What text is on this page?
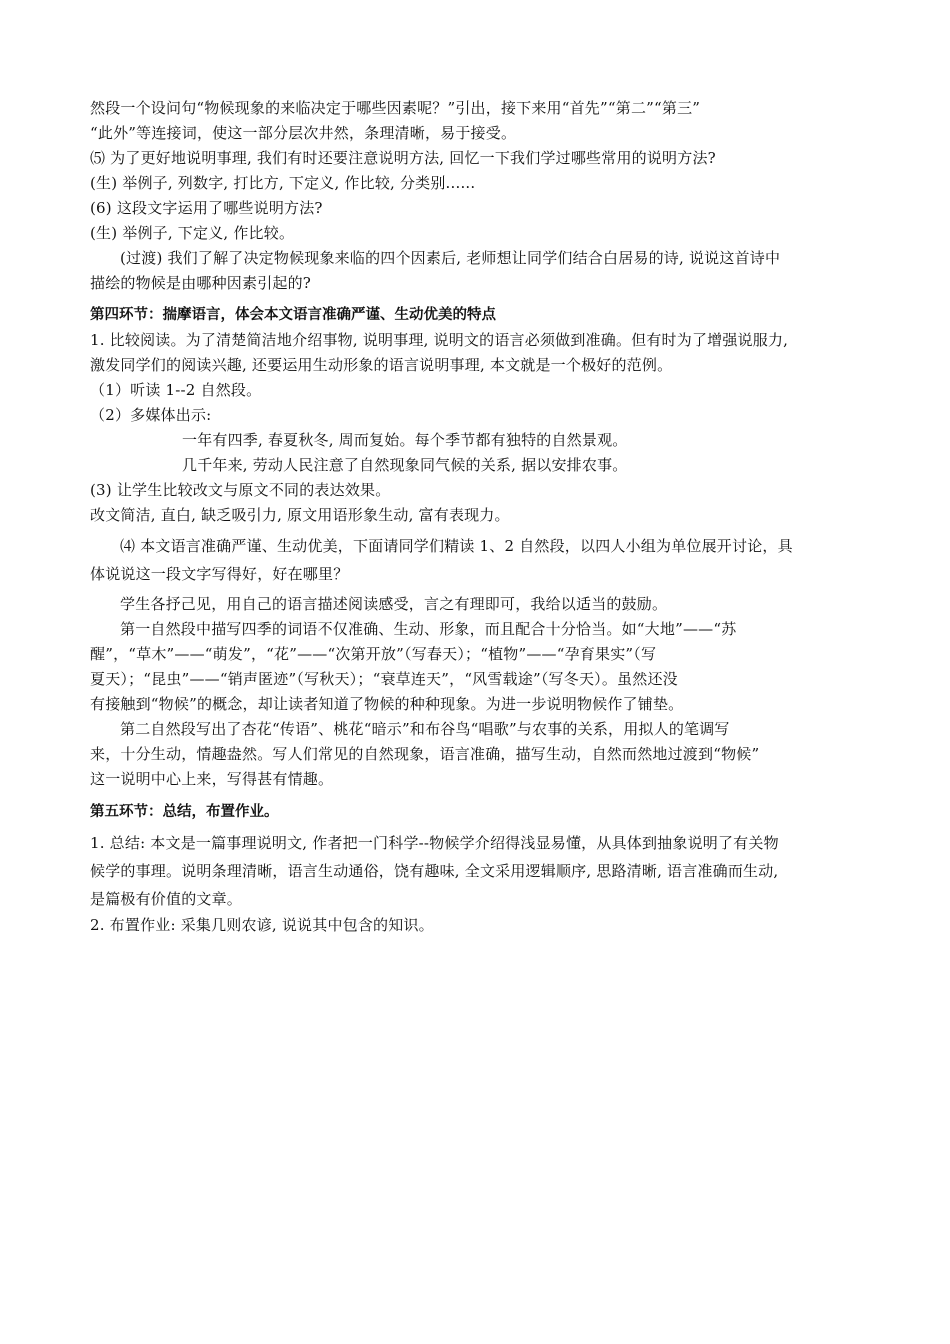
然段一个设问句“物候现象的来临决定于哪些因素呢？”引出，接下来用“首先”“第二”“第三”
“此外”等连接词，使这一部分层次井然，条理清晰，易于接受。
⑸ 为了更好地说明事理, 我们有时还要注意说明方法, 回忆一下我们学过哪些常用的说明方法?
(生) 举例子, 列数字, 打比方, 下定义, 作比较, 分类别......
(6) 这段文字运用了哪些说明方法?
(生) 举例子, 下定义, 作比较。
(过渡) 我们了解了决定物候现象来临的四个因素后, 老师想让同学们结合白居易的诗, 说说这首诗中
描绘的物候是由哪种因素引起的?
第四环节：揣摩语言，体会本文语言准确严谨、生动优美的特点
1. 比较阅读。为了清楚简洁地介绍事物, 说明事理, 说明文的语言必须做到准确。但有时为了增强说服力,
激发同学们的阅读兴趣, 还要运用生动形象的语言说明事理, 本文就是一个极好的范例。
（1）听读 1--2 自然段。
（2）多媒体出示:
一年有四季, 春夏秋冬, 周而复始。每个季节都有独特的自然景观。
几千年来, 劳动人民注意了自然现象同气候的关系, 据以安排农事。
(3) 让学生比较改文与原文不同的表达效果。
改文简洁, 直白, 缺乏吸引力, 原文用语形象生动, 富有表现力。
⑷ 本文语言准确严谨、生动优美，下面请同学们精读 1、2 自然段，以四人小组为单位展开讨论，具
体说说这一段文字写得好，好在哪里？
学生各抒己见，用自己的语言描述阅读感受，言之有理即可，我给以适当的鼓励。
第一自然段中描写四季的词语不仅准确、生动、形象，而且配合十分恰当。如“大地”——“苏
醒”，“草木”——“萌发”，“花”——“次第开放”（写春天）；“植物”——“孕育果实”（写
夏天）；“昆虫”——“销声匿迹”（写秋天）；“衰草连天”，“风雪载途”（写冬天）。虽然还没
有接触到“物候”的概念，却让读者知道了物候的种种现象。为进一步说明物候作了铺垫。
第二自然段写出了杏花“传语”、桃花“暗示”和布谷鸟“唱歌”与农事的关系，用拟人的笔调写
来，十分生动，情趣盎然。写人们常见的自然现象，语言准确，描写生动，自然而然地过渡到“物候”
这一说明中心上来，写得甚有情趣。
第五环节：总结，布置作业。
1. 总结: 本文是一篇事理说明文, 作者把一门科学--物候学介绍得浅显易懂，从具体到抽象说明了有关物
候学的事理。说明条理清晰，语言生动通俗，饶有趣味, 全文采用逻辑顺序, 思路清晰, 语言准确而生动,
是篇极有价值的文章。
2. 布置作业: 采集几则农谚, 说说其中包含的知识。
